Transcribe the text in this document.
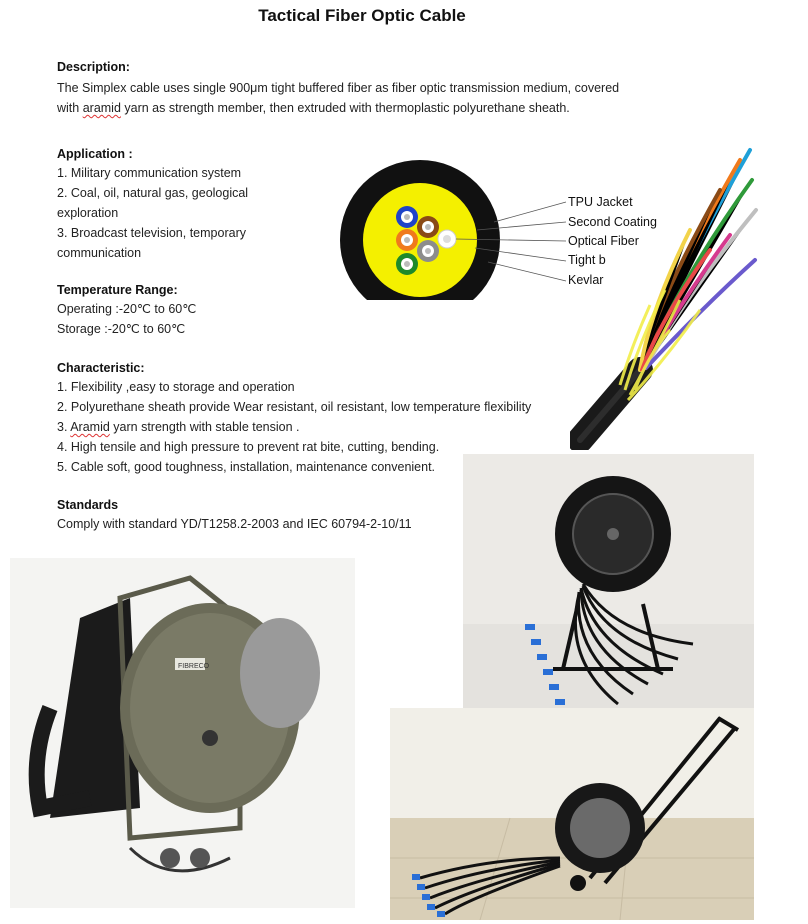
Tactical Fiber Optic Cable
Description:
The Simplex cable uses single 900μm tight buffered fiber as fiber optic transmission medium, covered
with aramid yarn as strength member, then extruded with thermoplastic polyurethane sheath.
Application :
1. Military communication system
2. Coal, oil, natural gas, geological
exploration
3. Broadcast television, temporary
communication
Temperature Range:
Operating :-20℃ to 60℃
Storage :-20℃ to 60℃
Characteristic:
1. Flexibility ,easy to storage and operation
2. Polyurethane sheath provide Wear resistant, oil resistant, low temperature flexibility
3. Aramid yarn strength with stable tension .
4. High tensile and high pressure to prevent rat bite, cutting, bending.
5. Cable soft, good toughness, installation, maintenance convenient.
Standards
Comply with standard YD/T1258.2-2003 and IEC 60794-2-10/11
TPU Jacket
Second Coating
Optical Fiber
Tight b
Kevlar
FIBRECO
